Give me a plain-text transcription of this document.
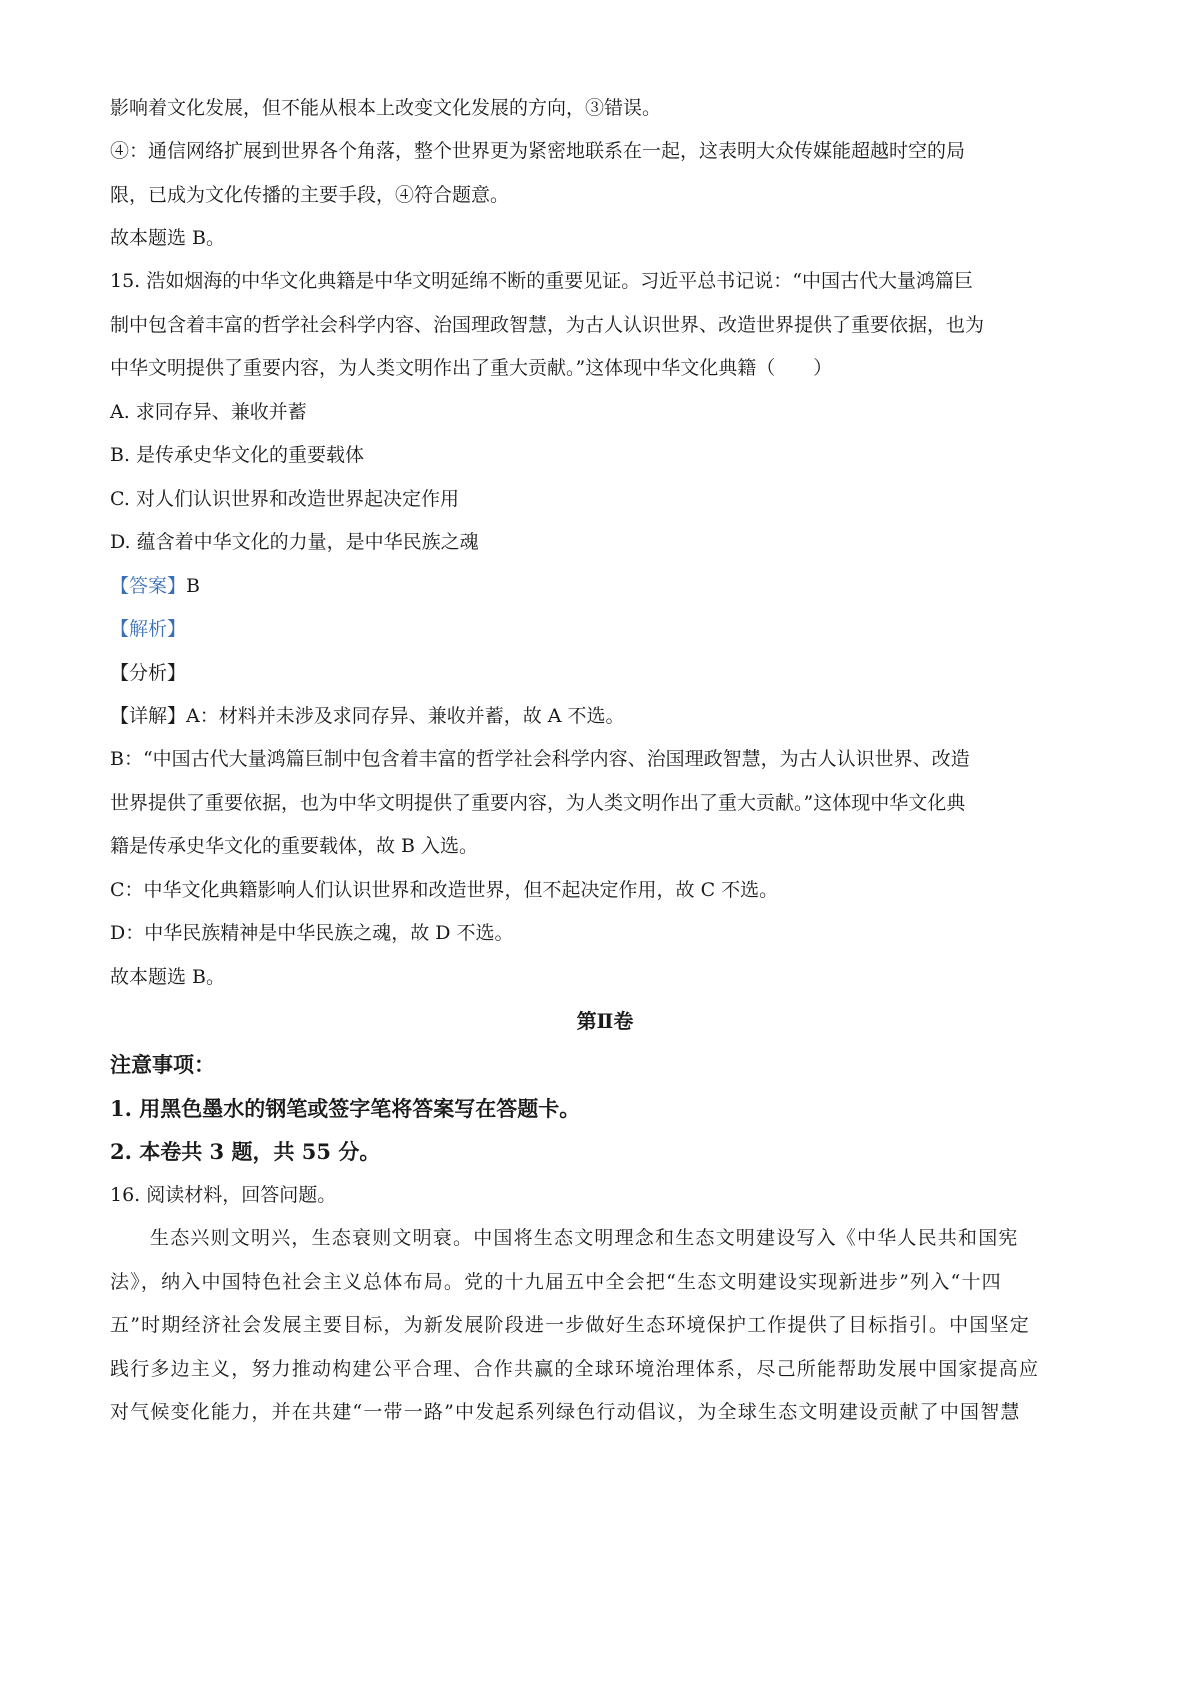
影响着文化发展，但不能从根本上改变文化发展的方向，③错误。
④：通信网络扩展到世界各个角落，整个世界更为紧密地联系在一起，这表明大众传媒能超越时空的局
限，已成为文化传播的主要手段，④符合题意。
故本题选 B。
15. 浩如烟海的中华文化典籍是中华文明延绵不断的重要见证。习近平总书记说：“中国古代大量鸿篇巨
制中包含着丰富的哲学社会科学内容、治国理政智慧，为古人认识世界、改造世界提供了重要依据，也为
中华文明提供了重要内容，为人类文明作出了重大贡献。”这体现中华文化典籍（　　）
A. 求同存异、兼收并蓄
B. 是传承史华文化的重要载体
C. 对人们认识世界和改造世界起决定作用
D. 蕴含着中华文化的力量，是中华民族之魂
【答案】B
【解析】
【分析】
【详解】A：材料并未涉及求同存异、兼收并蓄，故 A 不选。
B：“中国古代大量鸿篇巨制中包含着丰富的哲学社会科学内容、治国理政智慧，为古人认识世界、改造
世界提供了重要依据，也为中华文明提供了重要内容，为人类文明作出了重大贡献。”这体现中华文化典
籍是传承史华文化的重要载体，故 B 入选。
C：中华文化典籍影响人们认识世界和改造世界，但不起决定作用，故 C 不选。
D：中华民族精神是中华民族之魂，故 D 不选。
故本题选 B。
第Ⅱ卷
注意事项：
1. 用黑色墨水的钢笔或签字笔将答案写在答题卡。
2. 本卷共 3 题，共 55 分。
16. 阅读材料，回答问题。
生态兴则文明兴，生态衰则文明衰。中国将生态文明理念和生态文明建设写入《中华人民共和国宪
法》，纳入中国特色社会主义总体布局。党的十九届五中全会把“生态文明建设实现新进步”列入“十四
五”时期经济社会发展主要目标，为新发展阶段进一步做好生态环境保护工作提供了目标指引。中国坚定
践行多边主义，努力推动构建公平合理、合作共赢的全球环境治理体系，尽己所能帮助发展中国家提高应
对气候变化能力，并在共建“一带一路”中发起系列绿色行动倡议，为全球生态文明建设贡献了中国智慧
